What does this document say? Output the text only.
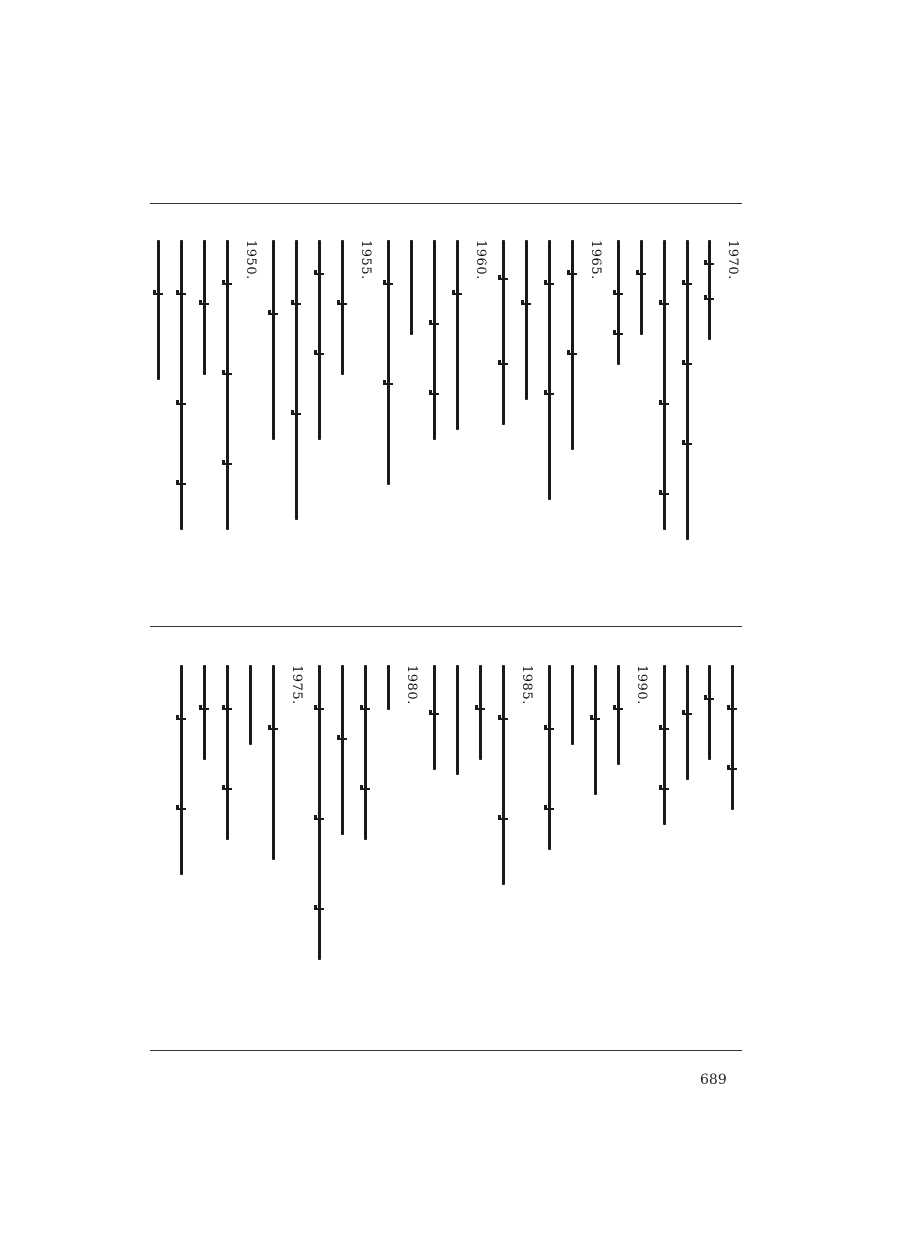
1970.
1965.
1960.
1955.
1950.
1990.
1985.
1980.
1975.
689
